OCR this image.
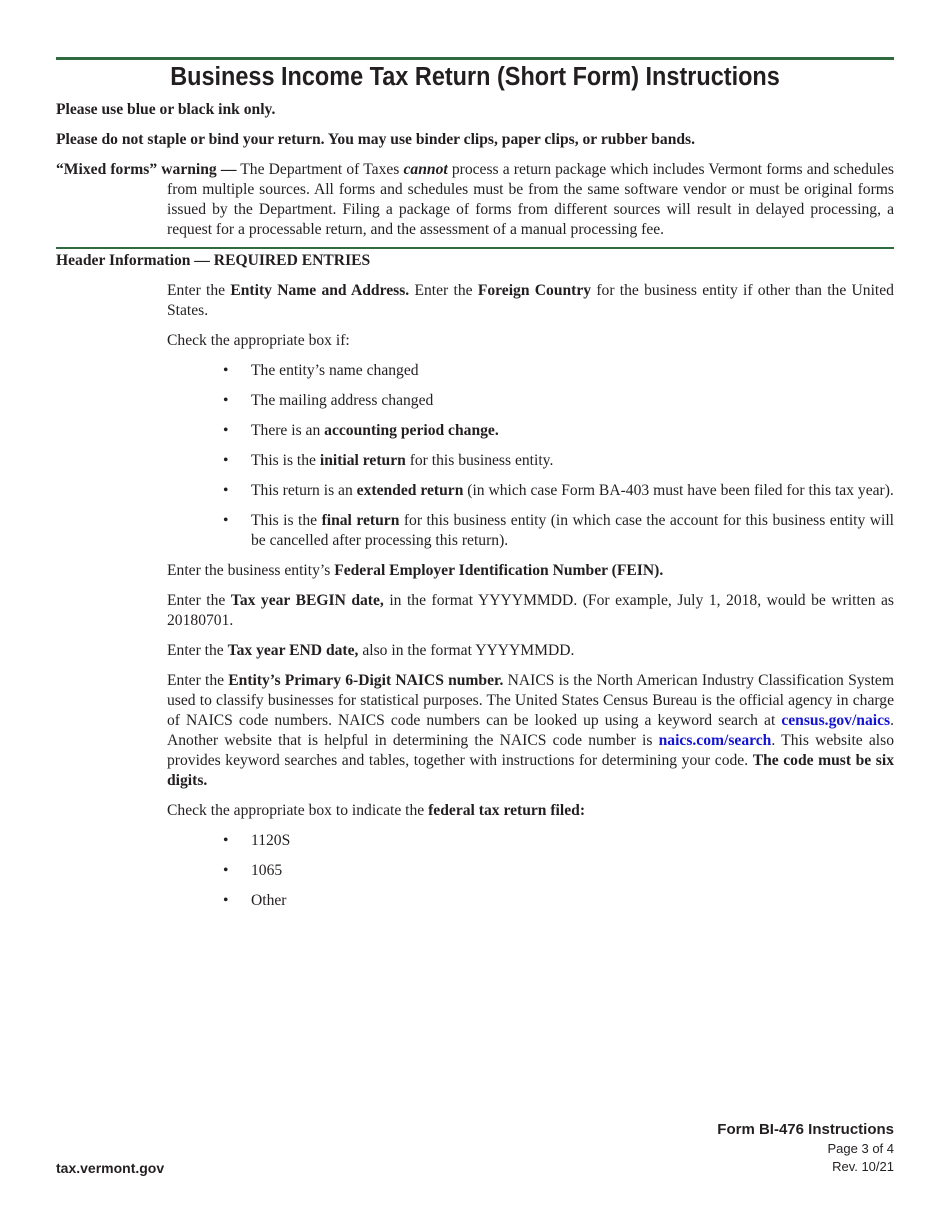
Business Income Tax Return (Short Form) Instructions

Please use blue or black ink only.

Please do not staple or bind your return. You may use binder clips, paper clips, or rubber bands.

“Mixed forms” warning — The Department of Taxes cannot process a return package which includes Vermont forms and schedules from multiple sources. All forms and schedules must be from the same software vendor or must be original forms issued by the Department. Filing a package of forms from different sources will result in delayed processing, a request for a processable return, and the assessment of a manual processing fee.

Header Information — REQUIRED ENTRIES

Enter the Entity Name and Address. Enter the Foreign Country for the business entity if other than the United States.

Check the appropriate box if:

• The entity’s name changed
• The mailing address changed
• There is an accounting period change.
• This is the initial return for this business entity.
• This return is an extended return (in which case Form BA-403 must have been filed for this tax year).
• This is the final return for this business entity (in which case the account for this business entity will be cancelled after processing this return).

Enter the business entity’s Federal Employer Identification Number (FEIN).

Enter the Tax year BEGIN date, in the format YYYYMMDD. (For example, July 1, 2018, would be written as 20180701.

Enter the Tax year END date, also in the format YYYYMMDD.

Enter the Entity’s Primary 6-Digit NAICS number. NAICS is the North American Industry Classification System used to classify businesses for statistical purposes. The United States Census Bureau is the official agency in charge of NAICS code numbers. NAICS code numbers can be looked up using a keyword search at census.gov/naics. Another website that is helpful in determining the NAICS code number is naics.com/search. This website also provides keyword searches and tables, together with instructions for determining your code. The code must be six digits.

Check the appropriate box to indicate the federal tax return filed:

• 1120S
• 1065
• Other
tax.vermont.gov
Form BI-476 Instructions
Page 3 of 4
Rev. 10/21
